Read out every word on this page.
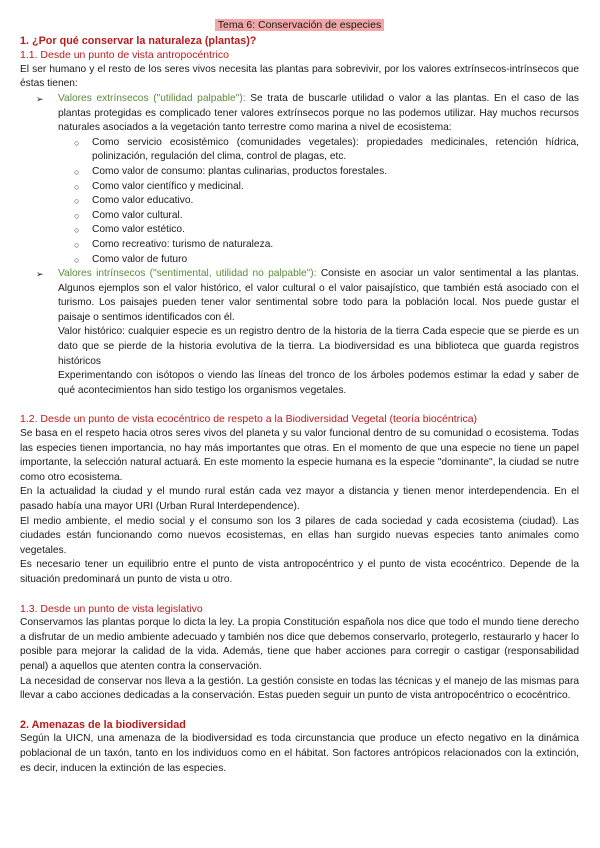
Tema 6: Conservación de especies
1. ¿Por qué conservar la naturaleza (plantas)?
1.1. Desde un punto de vista antropocéntrico

El ser humano y el resto de los seres vivos necesita las plantas para sobrevivir, por los valores extrínsecos-intrínsecos que éstas tienen:

➢ Valores extrínsecos ("utilidad palpable"): Se trata de buscarle utilidad o valor a las plantas. En el caso de las plantas protegidas es complicado tener valores extrínsecos porque no las podemos utilizar. Hay muchos recursos naturales asociados a la vegetación tanto terrestre como marina a nivel de ecosistema:
○ Como servicio ecosistémico (comunidades vegetales): propiedades medicinales, retención hídrica, polinización, regulación del clima, control de plagas, etc.
○ Como valor de consumo: plantas culinarias, productos forestales.
○ Como valor científico y medicinal.
○ Como valor educativo.
○ Como valor cultural.
○ Como valor estético.
○ Como recreativo: turismo de naturaleza.
○ Como valor de futuro
➢ Valores intrínsecos ("sentimental, utilidad no palpable"): Consiste en asociar un valor sentimental a las plantas. Algunos ejemplos son el valor histórico, el valor cultural o el valor paisajístico, que también está asociado con el turismo. Los paisajes pueden tener valor sentimental sobre todo para la población local. Nos puede gustar el paisaje o sentimos identificados con él.
Valor histórico: cualquier especie es un registro dentro de la historia de la tierra Cada especie que se pierde es un dato que se pierde de la historia evolutiva de la tierra. La biodiversidad es una biblioteca que guarda registros históricos
Experimentando con isótopos o viendo las líneas del tronco de los árboles podemos estimar la edad y saber de qué acontecimientos han sido testigo los organismos vegetales.
1.2. Desde un punto de vista ecocéntrico de respeto a la Biodiversidad Vegetal (teoría biocéntrica)

Se basa en el respeto hacia otros seres vivos del planeta y su valor funcional dentro de su comunidad o ecosistema. Todas las especies tienen importancia, no hay más importantes que otras. En el momento de que una especie no tiene un papel importante, la selección natural actuará. En este momento la especie humana es la especie "dominante", la ciudad se nutre como otro ecosistema.

En la actualidad la ciudad y el mundo rural están cada vez mayor a distancia y tienen menor interdependencia. En el pasado había una mayor URI (Urban Rural Interdependence).

El medio ambiente, el medio social y el consumo son los 3 pilares de cada sociedad y cada ecosistema (ciudad). Las ciudades están funcionando como nuevos ecosistemas, en ellas han surgido nuevas especies tanto animales como vegetales.

Es necesario tener un equilibrio entre el punto de vista antropocéntrico y el punto de vista ecocéntrico. Depende de la situación predominará un punto de vista u otro.

1.3. Desde un punto de vista legislativo

Conservamos las plantas porque lo dicta la ley. La propia Constitución española nos dice que todo el mundo tiene derecho a disfrutar de un medio ambiente adecuado y también nos dice que debemos conservarlo, protegerlo, restaurarlo y hacer lo posible para mejorar la calidad de la vida. Además, tiene que haber acciones para corregir o castigar (responsabilidad penal) a aquellos que atenten contra la conservación.

La necesidad de conservar nos lleva a la gestión. La gestión consiste en todas las técnicas y el manejo de las mismas para llevar a cabo acciones dedicadas a la conservación. Estas pueden seguir un punto de vista antropocéntrico o ecocéntrico.

2. Amenazas de la biodiversidad

Según la UICN, una amenaza de la biodiversidad es toda circunstancia que produce un efecto negativo en la dinámica poblacional de un taxón, tanto en los individuos como en el hábitat. Son factores antrópicos relacionados con la extinción, es decir, inducen la extinción de las especies.
